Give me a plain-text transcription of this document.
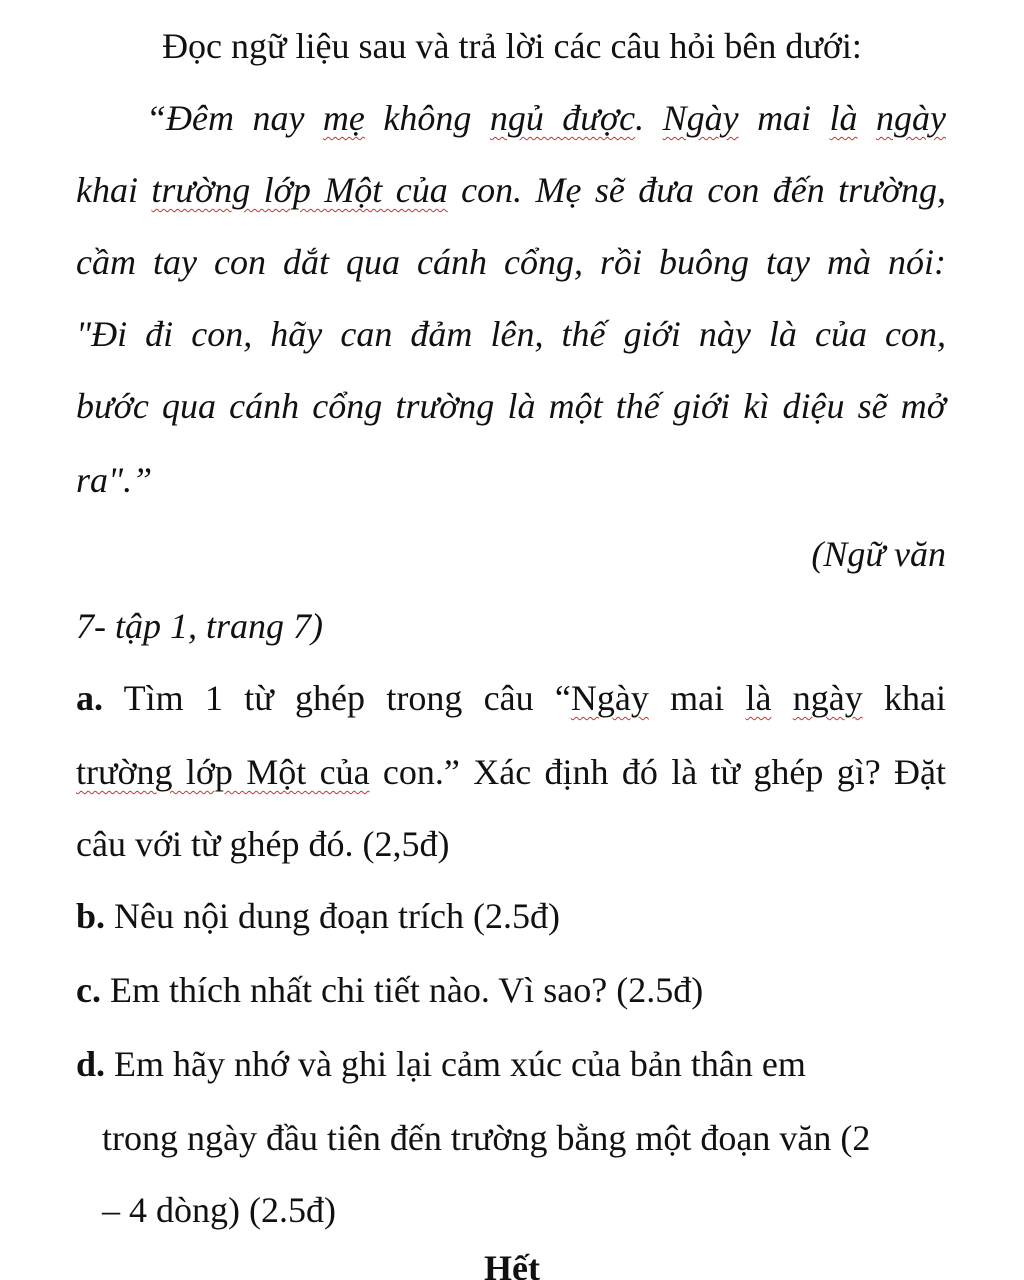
Đọc ngữ liệu sau và trả lời các câu hỏi bên dưới:

“Đêm nay mẹ không ngủ được. Ngày mai là ngày

khai trường lớp Một của con. Mẹ sẽ đưa con đến trường,

cầm tay con dắt qua cánh cổng, rồi buông tay mà nói:

"Đi đi con, hãy can đảm lên, thế giới này là của con,

bước qua cánh cổng trường là một thế giới kì diệu sẽ mở

ra".”

(Ngữ văn

7- tập 1, trang 7)

a. Tìm 1 từ ghép trong câu “Ngày mai là ngày khai

trường lớp Một của con.” Xác định đó là từ ghép gì? Đặt

câu với từ ghép đó. (2,5đ)

b. Nêu nội dung đoạn trích (2.5đ)

c. Em thích nhất chi tiết nào. Vì sao? (2.5đ)

d. Em hãy nhớ và ghi lại cảm xúc của bản thân em

trong ngày đầu tiên đến trường bằng một đoạn văn (2

– 4 dòng) (2.5đ)

Hết
